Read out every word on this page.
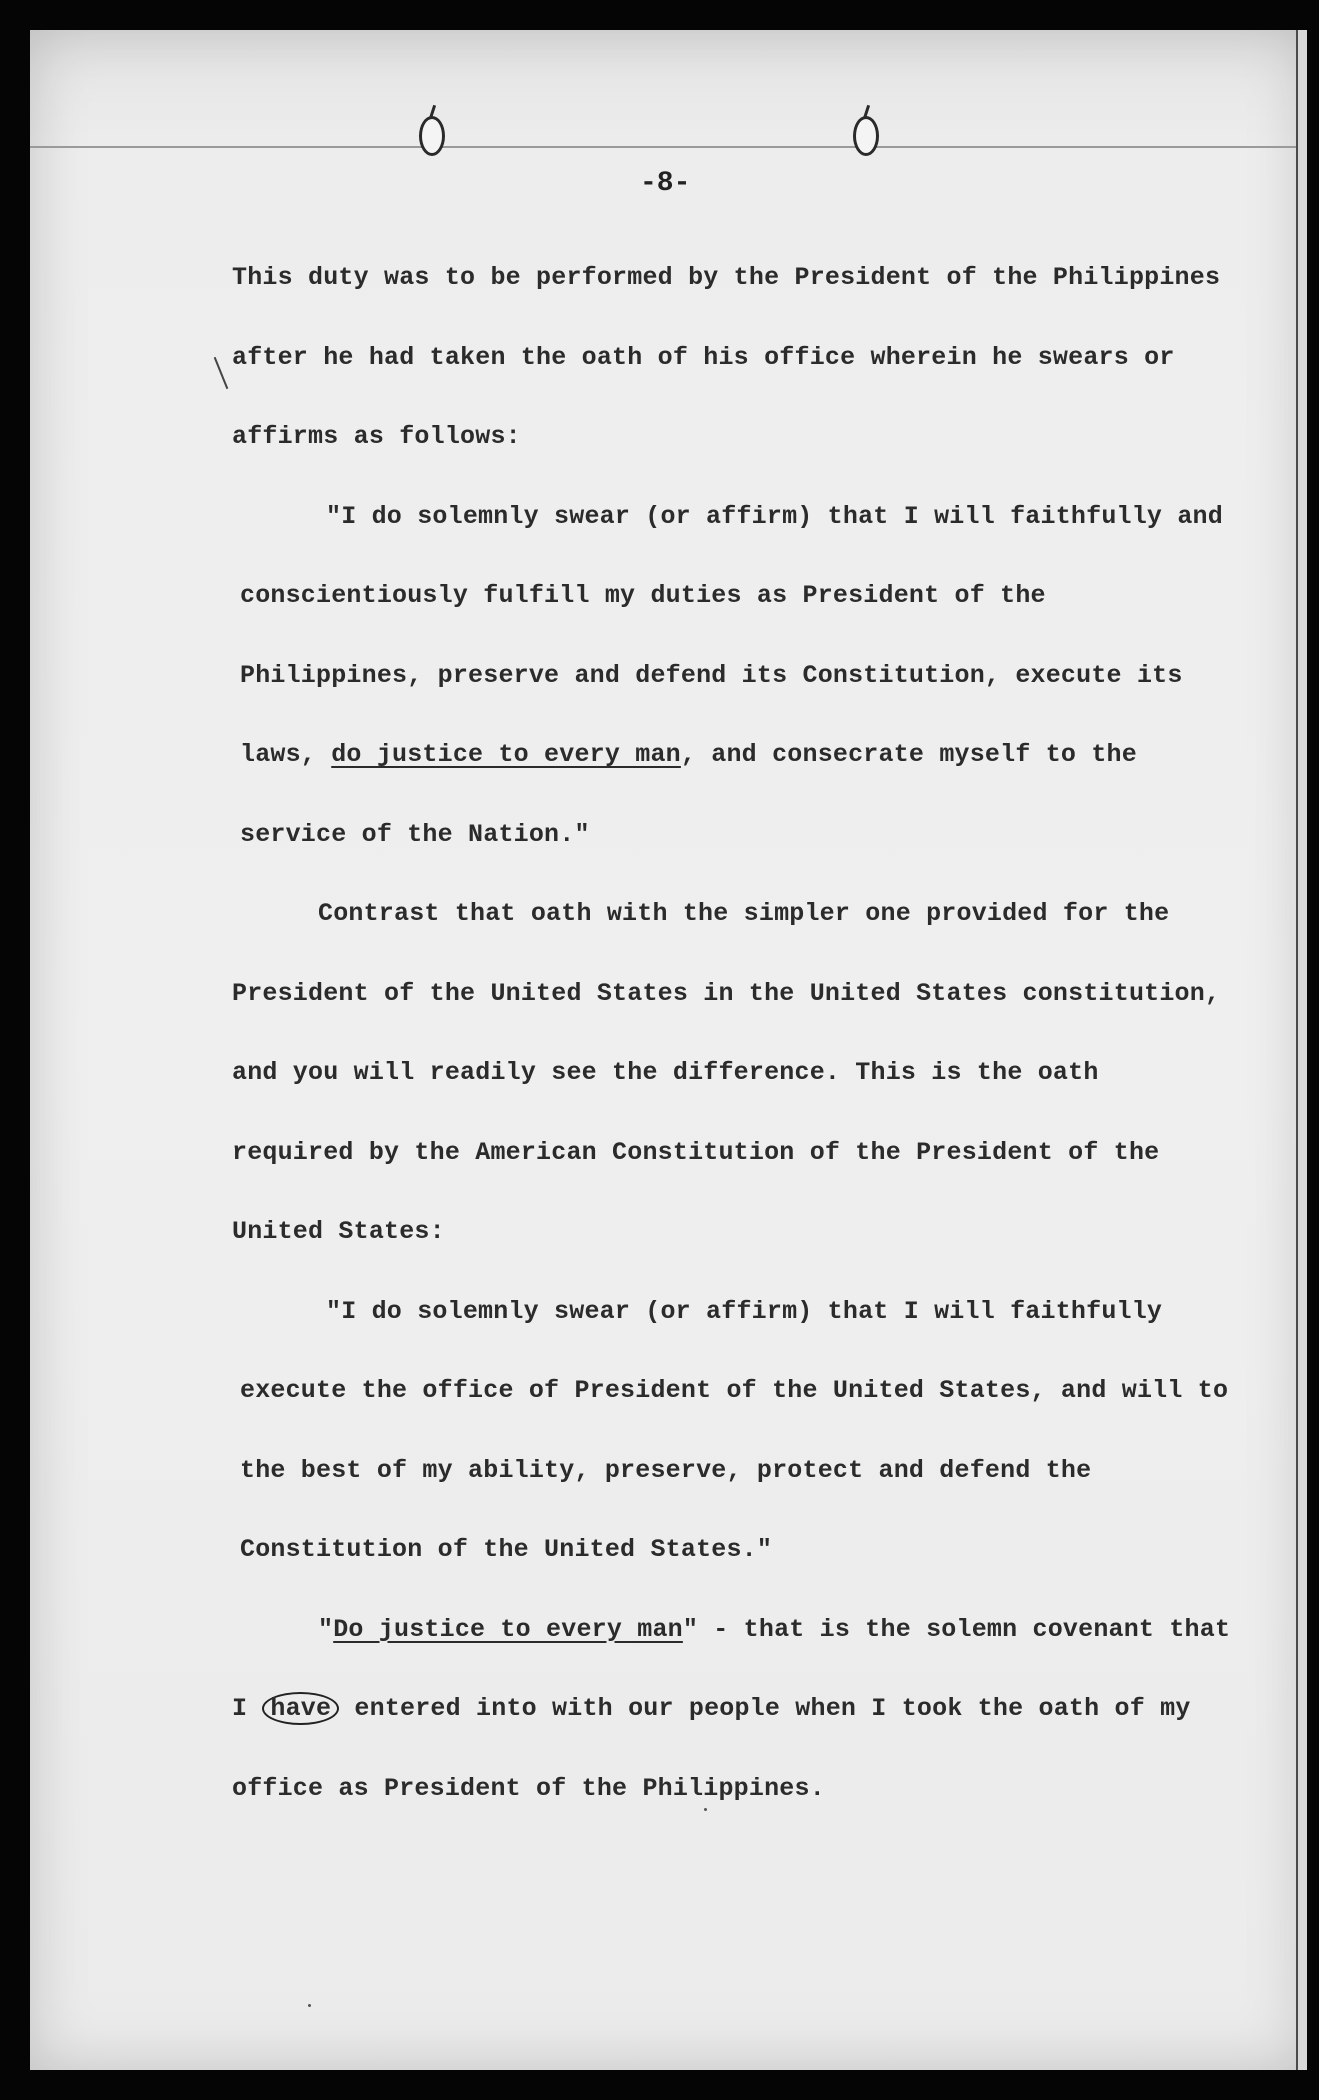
-8-

This duty was to be performed by the President of the Philippines after he had taken the oath of his office wherein he swears or affirms as follows:

"I do solemnly swear (or affirm) that I will faithfully and conscientiously fulfill my duties as President of the Philippines, preserve and defend its Constitution, execute its laws, do justice to every man, and consecrate myself to the service of the Nation."

Contrast that oath with the simpler one provided for the President of the United States in the United States constitution, and you will readily see the difference. This is the oath required by the American Constitution of the President of the United States:

"I do solemnly swear (or affirm) that I will faithfully execute the office of President of the United States, and will to the best of my ability, preserve, protect and defend the Constitution of the United States."

"Do justice to every man" - that is the solemn covenant that I have entered into with our people when I took the oath of my office as President of the Philippines.
